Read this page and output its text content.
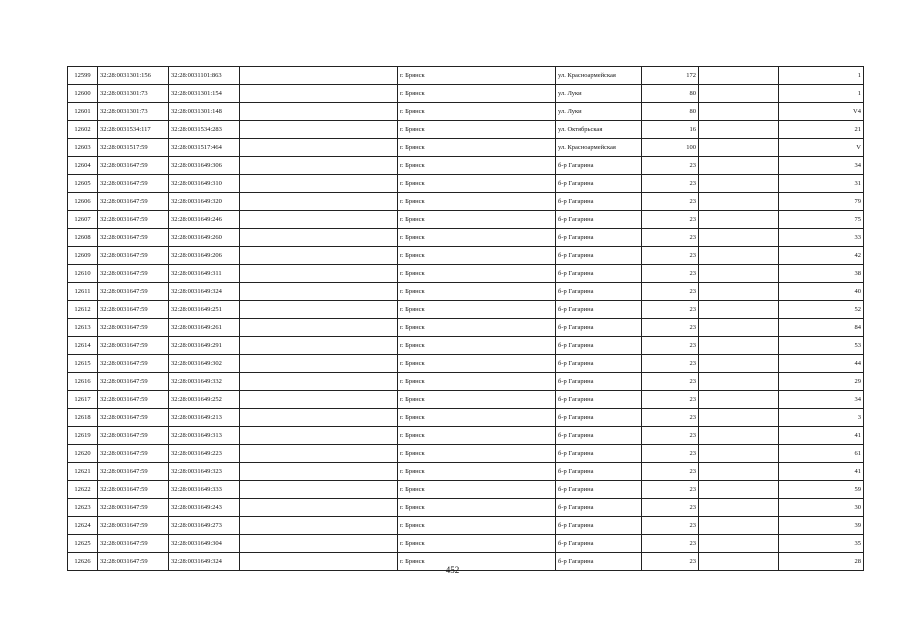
12599	32:28:0031301:156	32:28:0031101:863		г. Брянск	ул. Красноармейская	172		1
12600	32:28:0031301:73	32:28:0031301:154		г. Брянск	ул. Луки	80		1
12601	32:28:0031301:73	32:28:0031301:148		г. Брянск	ул. Луки	80		V4
12602	32:28:0031534:117	32:28:0031534:283		г. Брянск	ул. Октябрьская	16		21
12603	32:28:0031517:59	32:28:0031517:464		г. Брянск	ул. Красноармейская	100		V
12604	32:28:0031647:59	32:28:0031649:306		г. Брянск	б-р Гагарина	23		34
12605	32:28:0031647:59	32:28:0031649:310		г. Брянск	б-р Гагарина	23		31
12606	32:28:0031647:59	32:28:0031649:320		г. Брянск	б-р Гагарина	23		79
12607	32:28:0031647:59	32:28:0031649:246		г. Брянск	б-р Гагарина	23		75
12608	32:28:0031647:59	32:28:0031649:260		г. Брянск	б-р Гагарина	23		33
12609	32:28:0031647:59	32:28:0031649:206		г. Брянск	б-р Гагарина	23		42
12610	32:28:0031647:59	32:28:0031649:311		г. Брянск	б-р Гагарина	23		38
12611	32:28:0031647:59	32:28:0031649:324		г. Брянск	б-р Гагарина	23		40
12612	32:28:0031647:59	32:28:0031649:251		г. Брянск	б-р Гагарина	23		52
12613	32:28:0031647:59	32:28:0031649:261		г. Брянск	б-р Гагарина	23		84
12614	32:28:0031647:59	32:28:0031649:291		г. Брянск	б-р Гагарина	23		53
12615	32:28:0031647:59	32:28:0031649:302		г. Брянск	б-р Гагарина	23		44
12616	32:28:0031647:59	32:28:0031649:332		г. Брянск	б-р Гагарина	23		29
12617	32:28:0031647:59	32:28:0031649:252		г. Брянск	б-р Гагарина	23		34
12618	32:28:0031647:59	32:28:0031649:213		г. Брянск	б-р Гагарина	23		3
12619	32:28:0031647:59	32:28:0031649:313		г. Брянск	б-р Гагарина	23		41
12620	32:28:0031647:59	32:28:0031649:223		г. Брянск	б-р Гагарина	23		61
12621	32:28:0031647:59	32:28:0031649:323		г. Брянск	б-р Гагарина	23		41
12622	32:28:0031647:59	32:28:0031649:333		г. Брянск	б-р Гагарина	23		59
12623	32:28:0031647:59	32:28:0031649:243		г. Брянск	б-р Гагарина	23		30
12624	32:28:0031647:59	32:28:0031649:273		г. Брянск	б-р Гагарина	23		39
12625	32:28:0031647:59	32:28:0031649:304		г. Брянск	б-р Гагарина	23		35
12626	32:28:0031647:59	32:28:0031649:324		г. Брянск	б-р Гагарина	23		28
452
